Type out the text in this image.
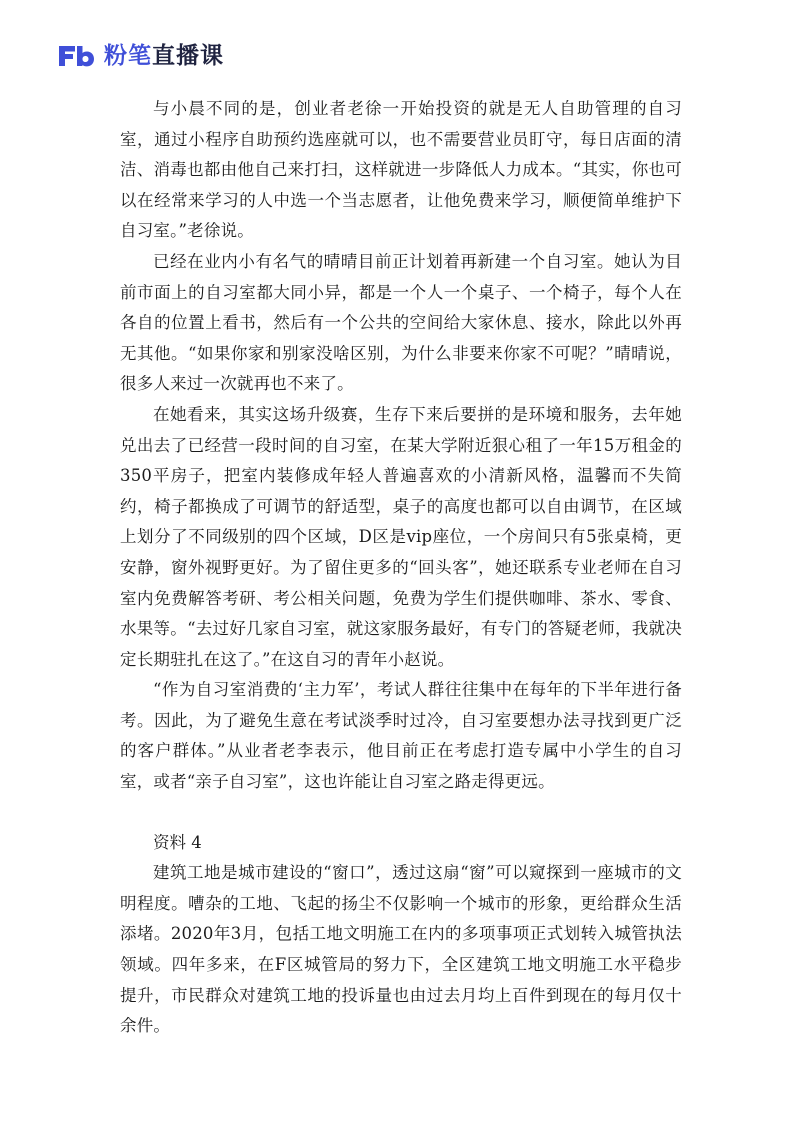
粉笔直播课

与小晨不同的是，创业者老徐一开始投资的就是无人自助管理的自习室，通过小程序自助预约选座就可以，也不需要营业员盯守，每日店面的清洁、消毒也都由他自己来打扫，这样就进一步降低人力成本。“其实，你也可以在经常来学习的人中选一个当志愿者，让他免费来学习，顺便简单维护下自习室。”老徐说。

已经在业内小有名气的晴晴目前正计划着再新建一个自习室。她认为目前市面上的自习室都大同小异，都是一个人一个桌子、一个椅子，每个人在各自的位置上看书，然后有一个公共的空间给大家休息、接水，除此以外再无其他。“如果你家和别家没啥区别，为什么非要来你家不可呢？”晴晴说，很多人来过一次就再也不来了。

在她看来，其实这场升级赛，生存下来后要拼的是环境和服务，去年她兑出去了已经营一段时间的自习室，在某大学附近狠心租了一年15万租金的350平房子，把室内装修成年轻人普遍喜欢的小清新风格，温馨而不失简约，椅子都换成了可调节的舒适型，桌子的高度也都可以自由调节，在区域上划分了不同级别的四个区域，D区是vip座位，一个房间只有5张桌椅，更安静，窗外视野更好。为了留住更多的“回头客”，她还联系专业老师在自习室内免费解答考研、考公相关问题，免费为学生们提供咖啡、茶水、零食、水果等。“去过好几家自习室，就这家服务最好，有专门的答疑老师，我就决定长期驻扎在这了。”在这自习的青年小赵说。

“作为自习室消费的‘主力军’，考试人群往往集中在每年的下半年进行备考。因此，为了避免生意在考试淡季时过冷，自习室要想办法寻找到更广泛的客户群体。”从业者老李表示，他目前正在考虑打造专属中小学生的自习室，或者“亲子自习室”，这也许能让自习室之路走得更远。

资料 4

建筑工地是城市建设的“窗口”，透过这扇“窗”可以窥探到一座城市的文明程度。嘈杂的工地、飞起的扬尘不仅影响一个城市的形象，更给群众生活添堵。2020年3月，包括工地文明施工在内的多项事项正式划转入城管执法领域。四年多来，在F区城管局的努力下，全区建筑工地文明施工水平稳步提升，市民群众对建筑工地的投诉量也由过去月均上百件到现在的每月仅十余件。
